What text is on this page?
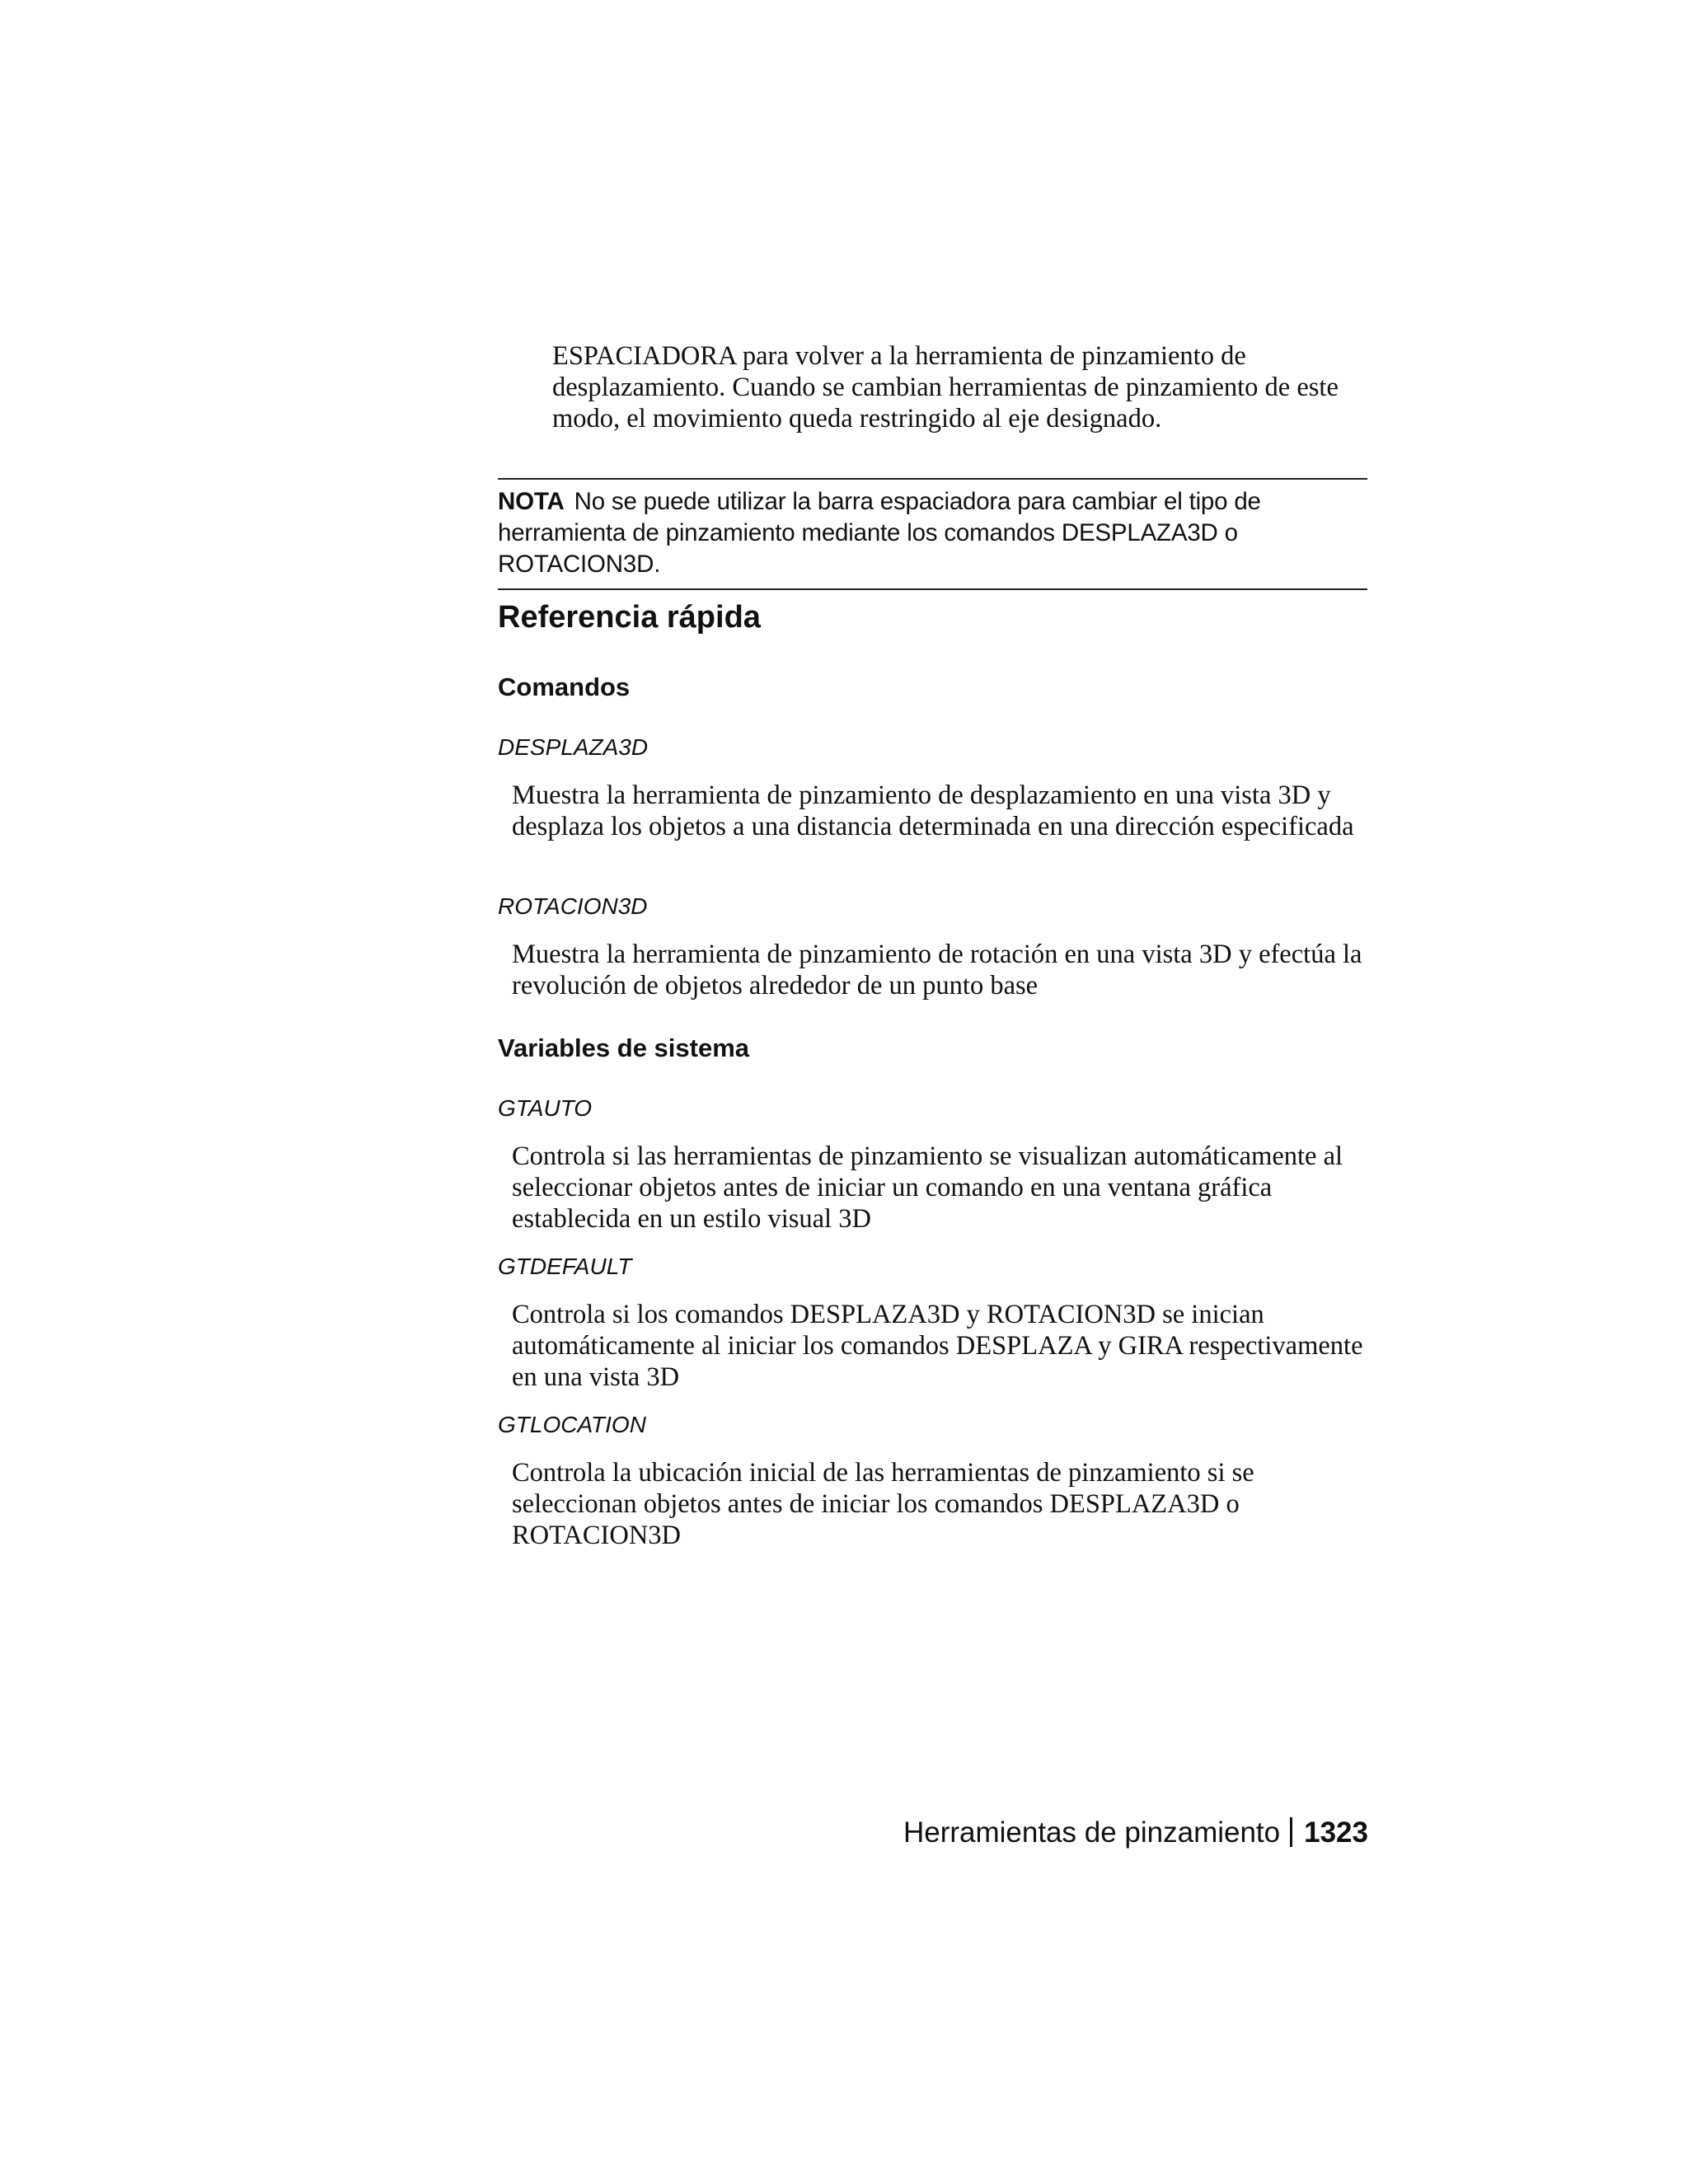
ESPACIADORA para volver a la herramienta de pinzamiento de desplazamiento. Cuando se cambian herramientas de pinzamiento de este modo, el movimiento queda restringido al eje designado.

NOTA No se puede utilizar la barra espaciadora para cambiar el tipo de herramienta de pinzamiento mediante los comandos DESPLAZA3D o ROTACION3D.
Referencia rápida
Comandos
DESPLAZA3D

Muestra la herramienta de pinzamiento de desplazamiento en una vista 3D y desplaza los objetos a una distancia determinada en una dirección especificada

ROTACION3D

Muestra la herramienta de pinzamiento de rotación en una vista 3D y efectúa la revolución de objetos alrededor de un punto base

Variables de sistema
GTAUTO

Controla si las herramientas de pinzamiento se visualizan automáticamente al seleccionar objetos antes de iniciar un comando en una ventana gráfica establecida en un estilo visual 3D

GTDEFAULT

Controla si los comandos DESPLAZA3D y ROTACION3D se inician automáticamente al iniciar los comandos DESPLAZA y GIRA respectivamente en una vista 3D

GTLOCATION

Controla la ubicación inicial de las herramientas de pinzamiento si se seleccionan objetos antes de iniciar los comandos DESPLAZA3D o ROTACION3D

Herramientas de pinzamiento 1323
